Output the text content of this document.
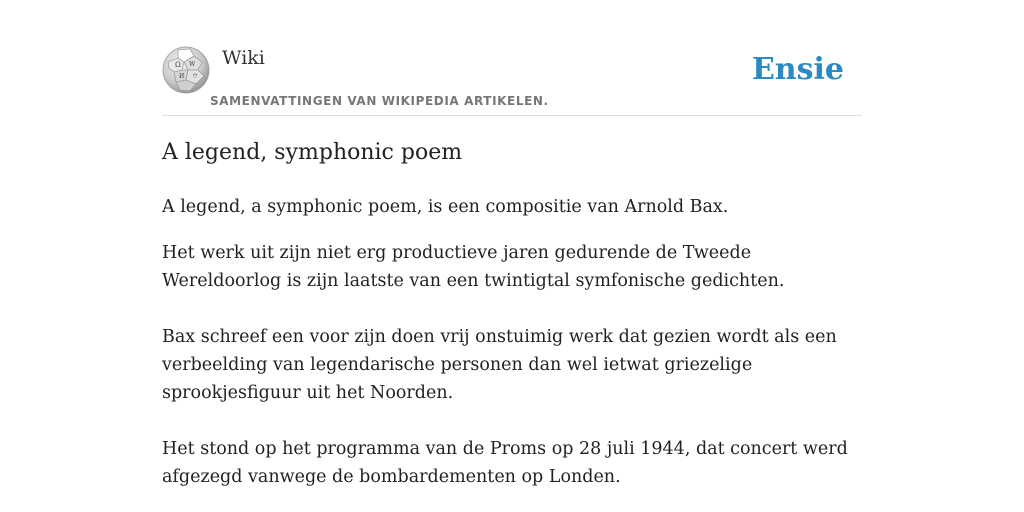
Ω W
И ウ
Wiki
SAMENVATTINGEN VAN WIKIPEDIA ARTIKELEN.
Ensie
A legend, symphonic poem

A legend, a symphonic poem, is een compositie van Arnold Bax.

Het werk uit zijn niet erg productieve jaren gedurende de Tweede Wereldoorlog is zijn laatste van een twintigtal symfonische gedichten.

Bax schreef een voor zijn doen vrij onstuimig werk dat gezien wordt als een verbeelding van legendarische personen dan wel ietwat griezelige sprookjesfiguur uit het Noorden.

Het stond op het programma van de Proms op 28 juli 1944, dat concert werd afgezegd vanwege de bombardementen op Londen.
